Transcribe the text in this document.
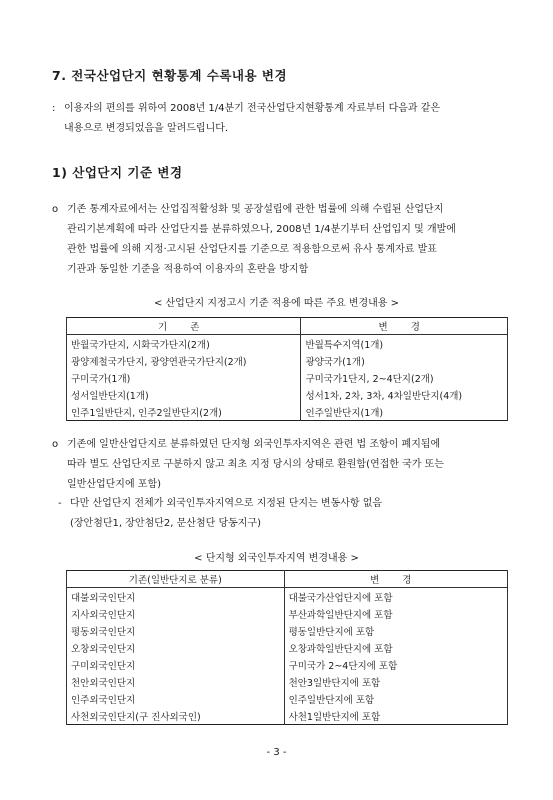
7. 전국산업단지 현황통계 수록내용 변경
: 이용자의 편의를 위하여 2008년 1/4분기 전국산업단지현황통계 자료부터 다음과 같은
내용으로 변경되었음을 알려드립니다.
1) 산업단지 기준 변경
o 기존 통계자료에서는 산업집적활성화 및 공장설립에 관한 법률에 의해 수립된 산업단지
관리기본계획에 따라 산업단지를 분류하였으나, 2008년 1/4분기부터 산업입지 및 개발에
관한 법률에 의해 지정·고시된 산업단지를 기준으로 적용함으로써 유사 통계자료 발표
기관과 동일한 기준을 적용하여 이용자의 혼란을 방지함
< 산업단지 지정고시 기준 적용에 따른 주요 변경내용 >
기 존	변 경
반월국가단지, 시화국가단지(2개)	반월특수지역(1개)
광양제철국가단지, 광양연관국가단지(2개)	광양국가(1개)
구미국가(1개)	구미국가1단지, 2~4단지(2개)
성서일반단지(1개)	성서1차, 2차, 3차, 4차일반단지(4개)
인주1일반단지, 인주2일반단지(2개)	인주일반단지(1개)
o 기존에 일반산업단지로 분류하였던 단지형 외국인투자지역은 관련 법 조항이 폐지됨에
따라 별도 산업단지로 구분하지 않고 최초 지정 당시의 상태로 환원함(연접한 국가 또는
일반산업단지에 포함)
- 다만 산업단지 전체가 외국인투자지역으로 지정된 단지는 변동사항 없음
(장안첨단1, 장안첨단2, 문산첨단 당동지구)
< 단지형 외국인투자지역 변경내용 >
기존(일반단지로 분류)	변 경
대불외국인단지	대불국가산업단지에 포함
지사외국인단지	부산과학일반단지에 포함
평동외국인단지	평동일반단지에 포함
오창외국인단지	오창과학일반단지에 포함
구미외국인단지	구미국가 2~4단지에 포함
천안외국인단지	천안3일반단지에 포함
인주외국인단지	인주일반단지에 포함
사천외국인단지(구 진사외국인)	사천1일반단지에 포함
- 3 -
